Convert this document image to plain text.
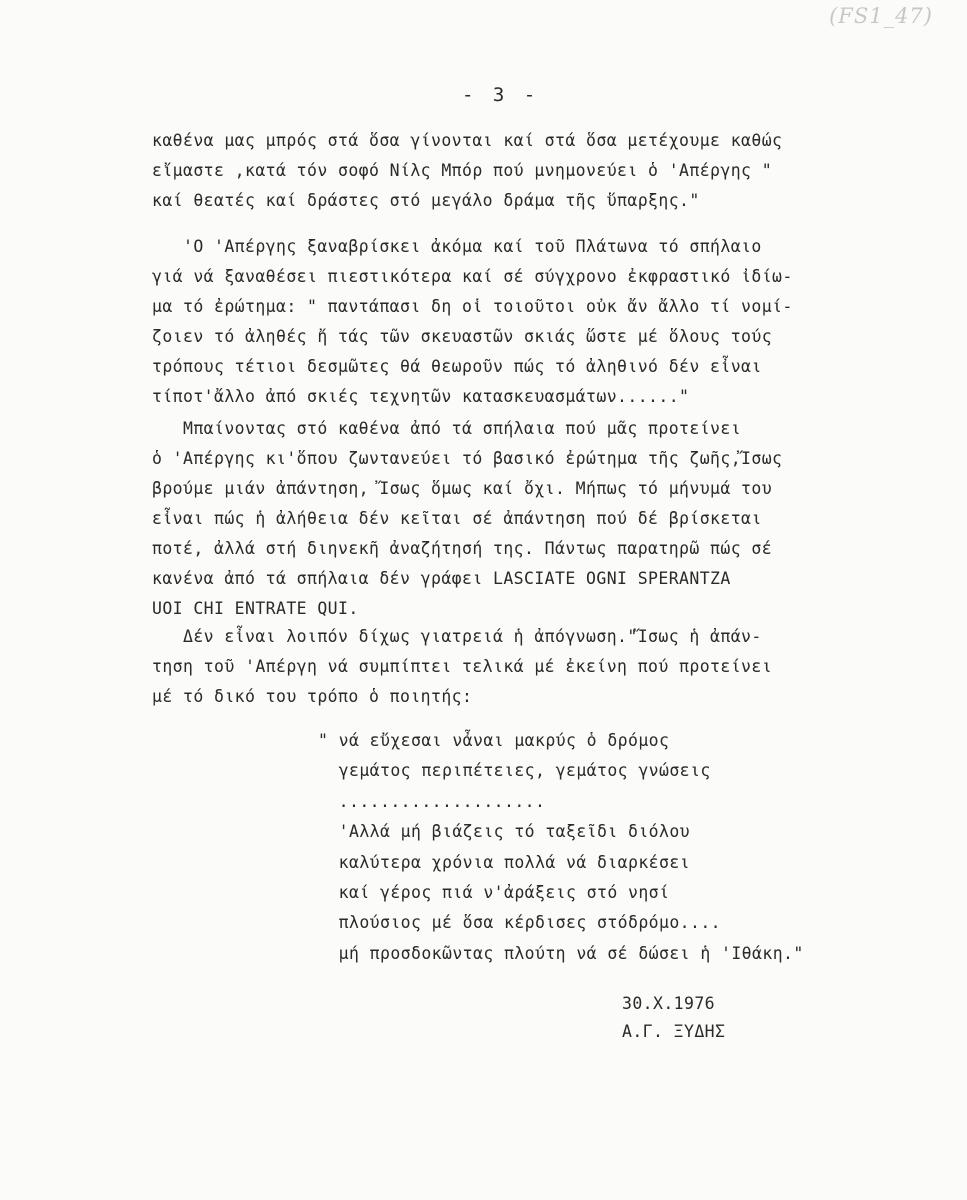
(FS1_47)
- 3 -
καθένα μας μπρός στά ὅσα γίνονται καί στά ὅσα μετέχουμε καθώς
εἴμαστε ,κατά τόν σοφό Νίλς Μπόρ πού μνημονεύει ὁ 'Απέργης "
καί θεατές καί δράστες στό μεγάλο δράμα τῆς ὕπαρξης."
'Ο 'Απέργης ξαναβρίσκει ἀκόμα καί τοῦ Πλάτωνα τό σπήλαιο
γιά νά ξαναθέσει πιεστικότερα καί σέ σύγχρονο ἐκφραστικό ἰδίω-
μα τό ἐρώτημα: " παντάπασι δη οἱ τοιοῦτοι οὐκ ἄν ἄλλο τί νομί-
ζοιεν τό ἀληθές ἤ τάς τῶν σκευαστῶν σκιάς ὥστε μέ ὅλους τούς
τρόπους τέτιοι δεσμῶτες θά θεωροῦν πώς τό ἀληθινό δέν εἶναι
τίποτ'ἄλλο ἀπό σκιές τεχνητῶν κατασκευασμάτων......"
Μπαίνοντας στό καθένα ἀπό τά σπήλαια πού μᾶς προτείνει
ὁ 'Απέργης κι'ὅπου ζωντανεύει τό βασικό ἐρώτημα τῆς ζωῆς,Ἴσως
βρούμε μιάν ἀπάντηση, Ἴσως ὅμως καί ὄχι. Μήπως τό μήνυμά του
εἶναι πώς ἡ ἀλήθεια δέν κεῖται σέ ἀπάντηση πού δέ βρίσκεται
ποτέ, ἀλλά στή διηνεκῆ ἀναζήτησή της. Πάντως παρατηρῶ πώς σέ
κανένα ἀπό τά σπήλαια δέν γράφει LASCIATE OGNI SPERANTZA
UOI CHI ENTRATE QUI.
Δέν εἶναι λοιπόν δίχως γιατρειά ἡ ἀπόγνωση."Ἴσως ἡ ἀπάν-
τηση τοῦ 'Απέργη νά συμπίπτει τελικά μέ ἐκείνη πού προτείνει
μέ τό δικό του τρόπο ὁ ποιητής:
" νά εὔχεσαι νἆναι μακρύς ὁ δρόμος
γεμάτος περιπέτειες, γεμάτος γνώσεις
....................
'Αλλά μή βιάζεις τό ταξεῖδι διόλου
καλύτερα χρόνια πολλά νά διαρκέσει
καί γέρος πιά ν'ἀράξεις στό νησί
πλούσιος μέ ὅσα κέρδισες στόδρόμο....
μή προσδοκῶντας πλούτη νά σέ δώσει ἡ 'Ιθάκη."
30.Χ.1976
Α.Γ. ΞΥΔΗΣ
